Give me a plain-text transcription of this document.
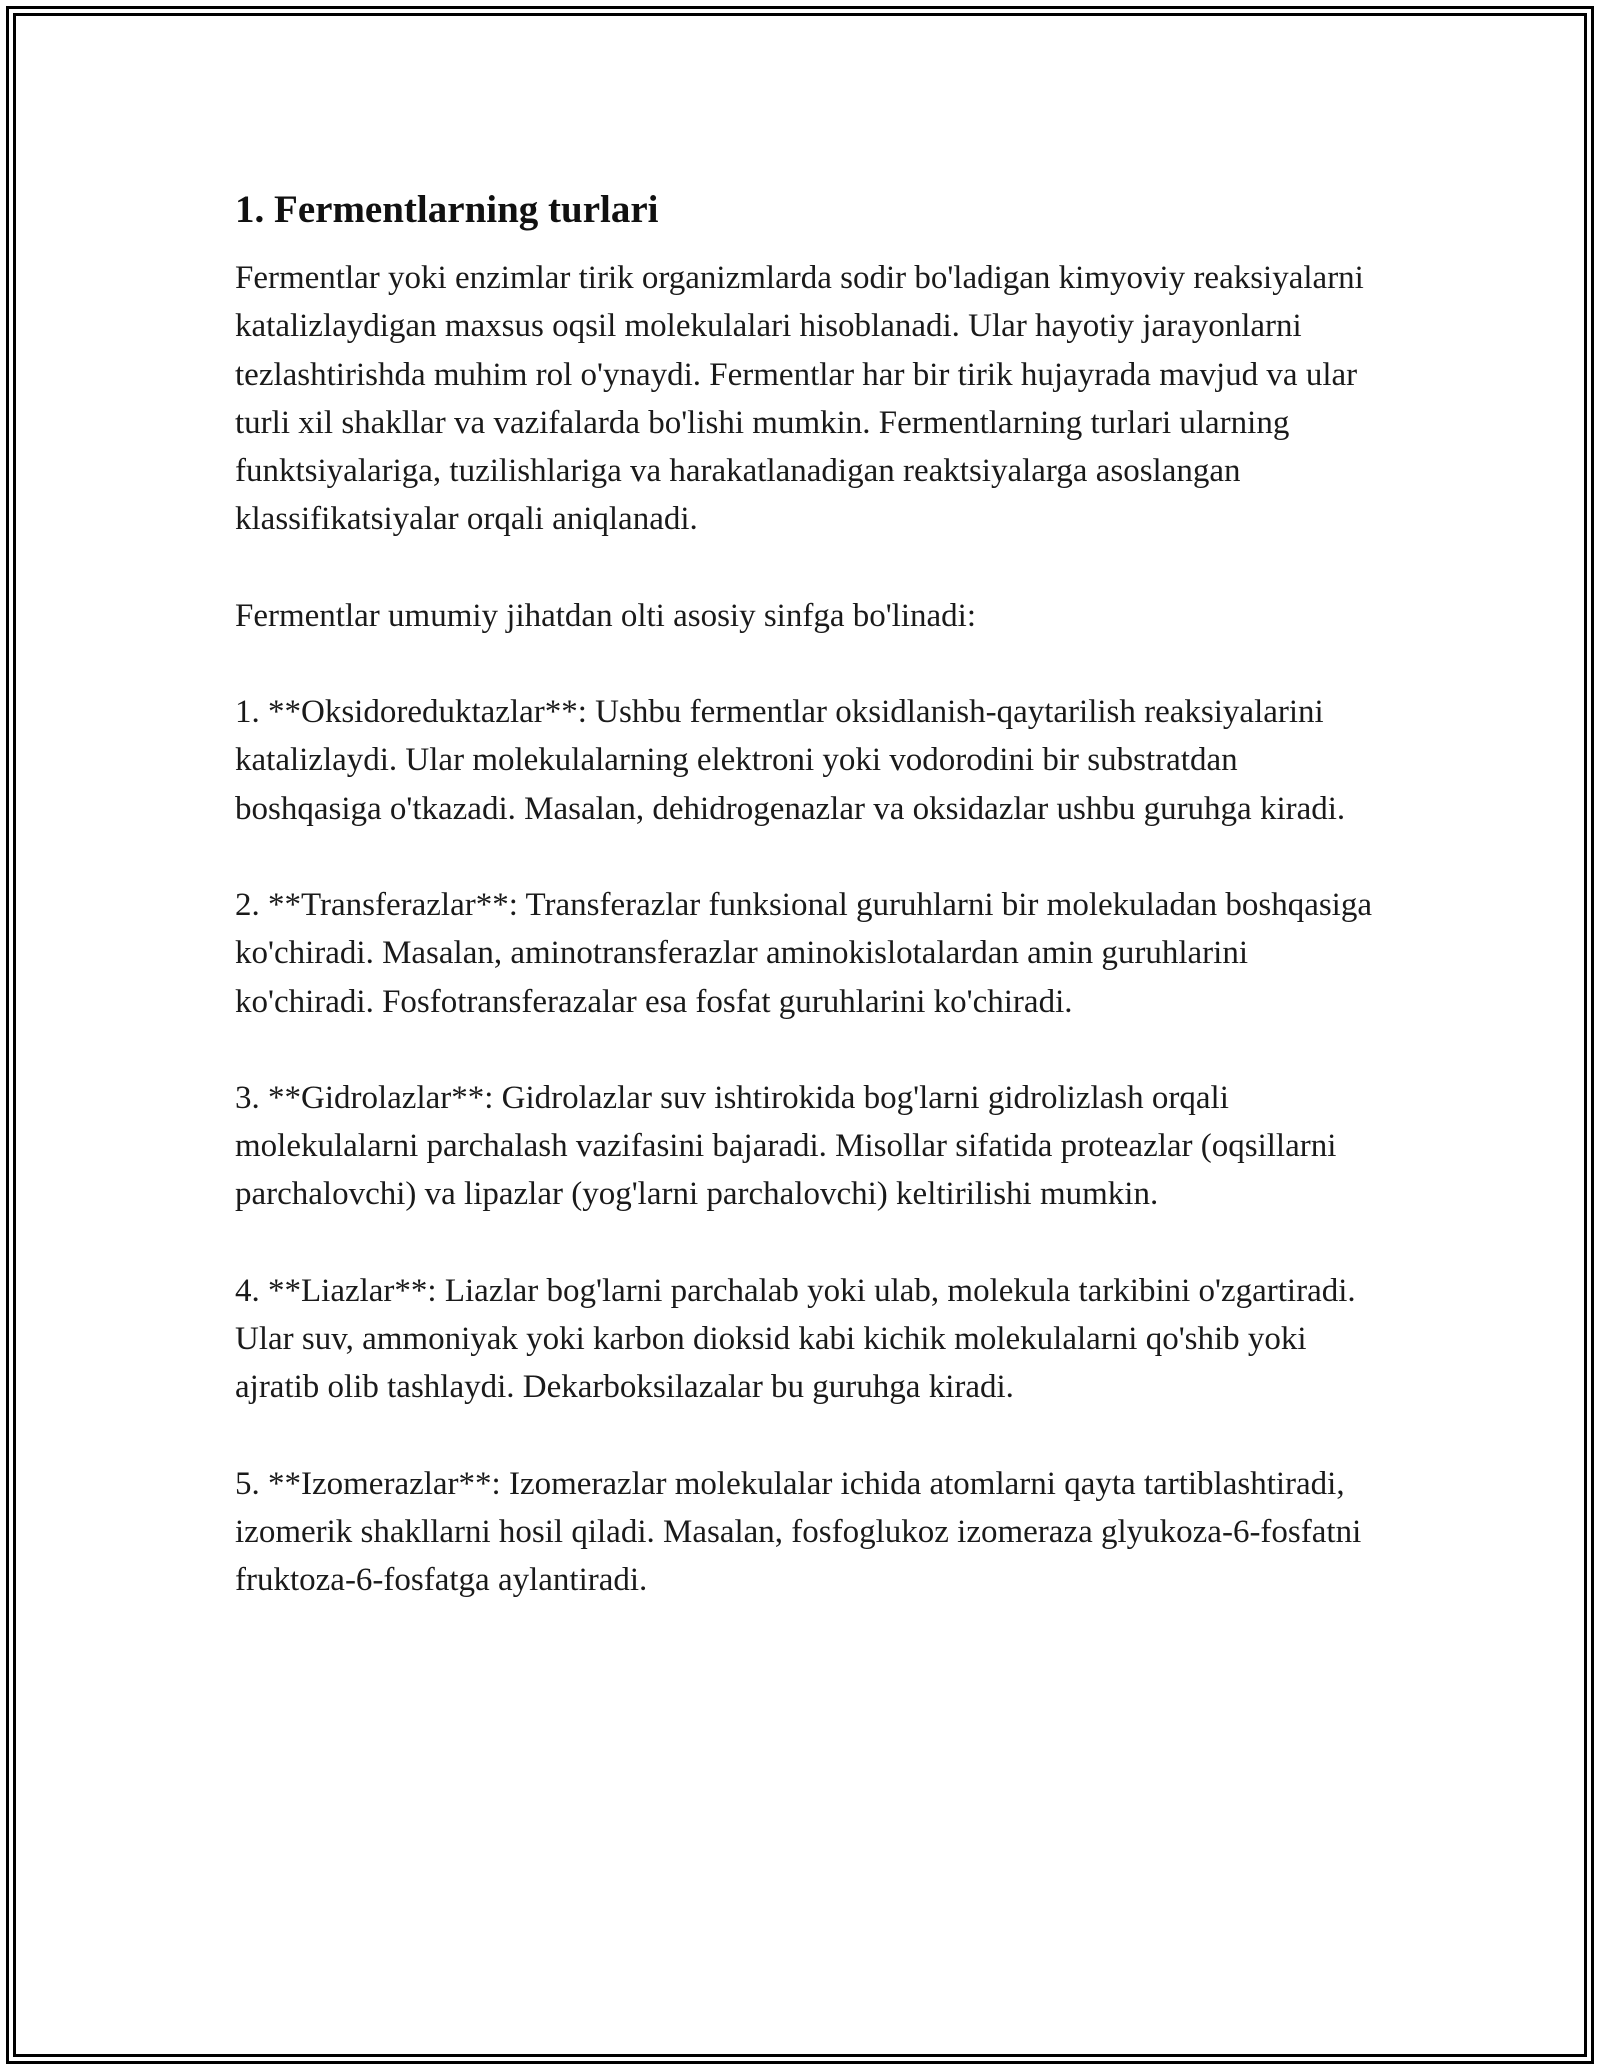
1. Fermentlarning turlari

Fermentlar yoki enzimlar tirik organizmlarda sodir bo'ladigan kimyoviy reaksiyalarni katalizlaydigan maxsus oqsil molekulalari hisoblanadi. Ular hayotiy jarayonlarni tezlashtirishda muhim rol o'ynaydi. Fermentlar har bir tirik hujayrada mavjud va ular turli xil shakllar va vazifalarda bo'lishi mumkin. Fermentlarning turlari ularning funktsiyalariga, tuzilishlariga va harakatlanadigan reaktsiyalarga asoslangan klassifikatsiyalar orqali aniqlanadi.

Fermentlar umumiy jihatdan olti asosiy sinfga bo'linadi:

1. **Oksidoreduktazlar**: Ushbu fermentlar oksidlanish-qaytarilish reaksiyalarini katalizlaydi. Ular molekulalarning elektroni yoki vodorodini bir substratdan boshqasiga o'tkazadi. Masalan, dehidrogenazlar va oksidazlar ushbu guruhga kiradi.

2. **Transferazlar**: Transferazlar funksional guruhlarni bir molekuladan boshqasiga ko'chiradi. Masalan, aminotransferazlar aminokislotalardan amin guruhlarini ko'chiradi. Fosfotransferazalar esa fosfat guruhlarini ko'chiradi.

3. **Gidrolazlar**: Gidrolazlar suv ishtirokida bog'larni gidrolizlash orqali molekulalarni parchalash vazifasini bajaradi. Misollar sifatida proteazlar (oqsillarni parchalovchi) va lipazlar (yog'larni parchalovchi) keltirilishi mumkin.

4. **Liazlar**: Liazlar bog'larni parchalab yoki ulab, molekula tarkibini o'zgartiradi. Ular suv, ammoniyak yoki karbon dioksid kabi kichik molekulalarni qo'shib yoki ajratib olib tashlaydi. Dekarboksilazalar bu guruhga kiradi.

5. **Izomerazlar**: Izomerazlar molekulalar ichida atomlarni qayta tartiblashtiradi, izomerik shakllarni hosil qiladi. Masalan, fosfoglukoz izomeraza glyukoza-6-fosfatni fruktoza-6-fosfatga aylantiradi.
